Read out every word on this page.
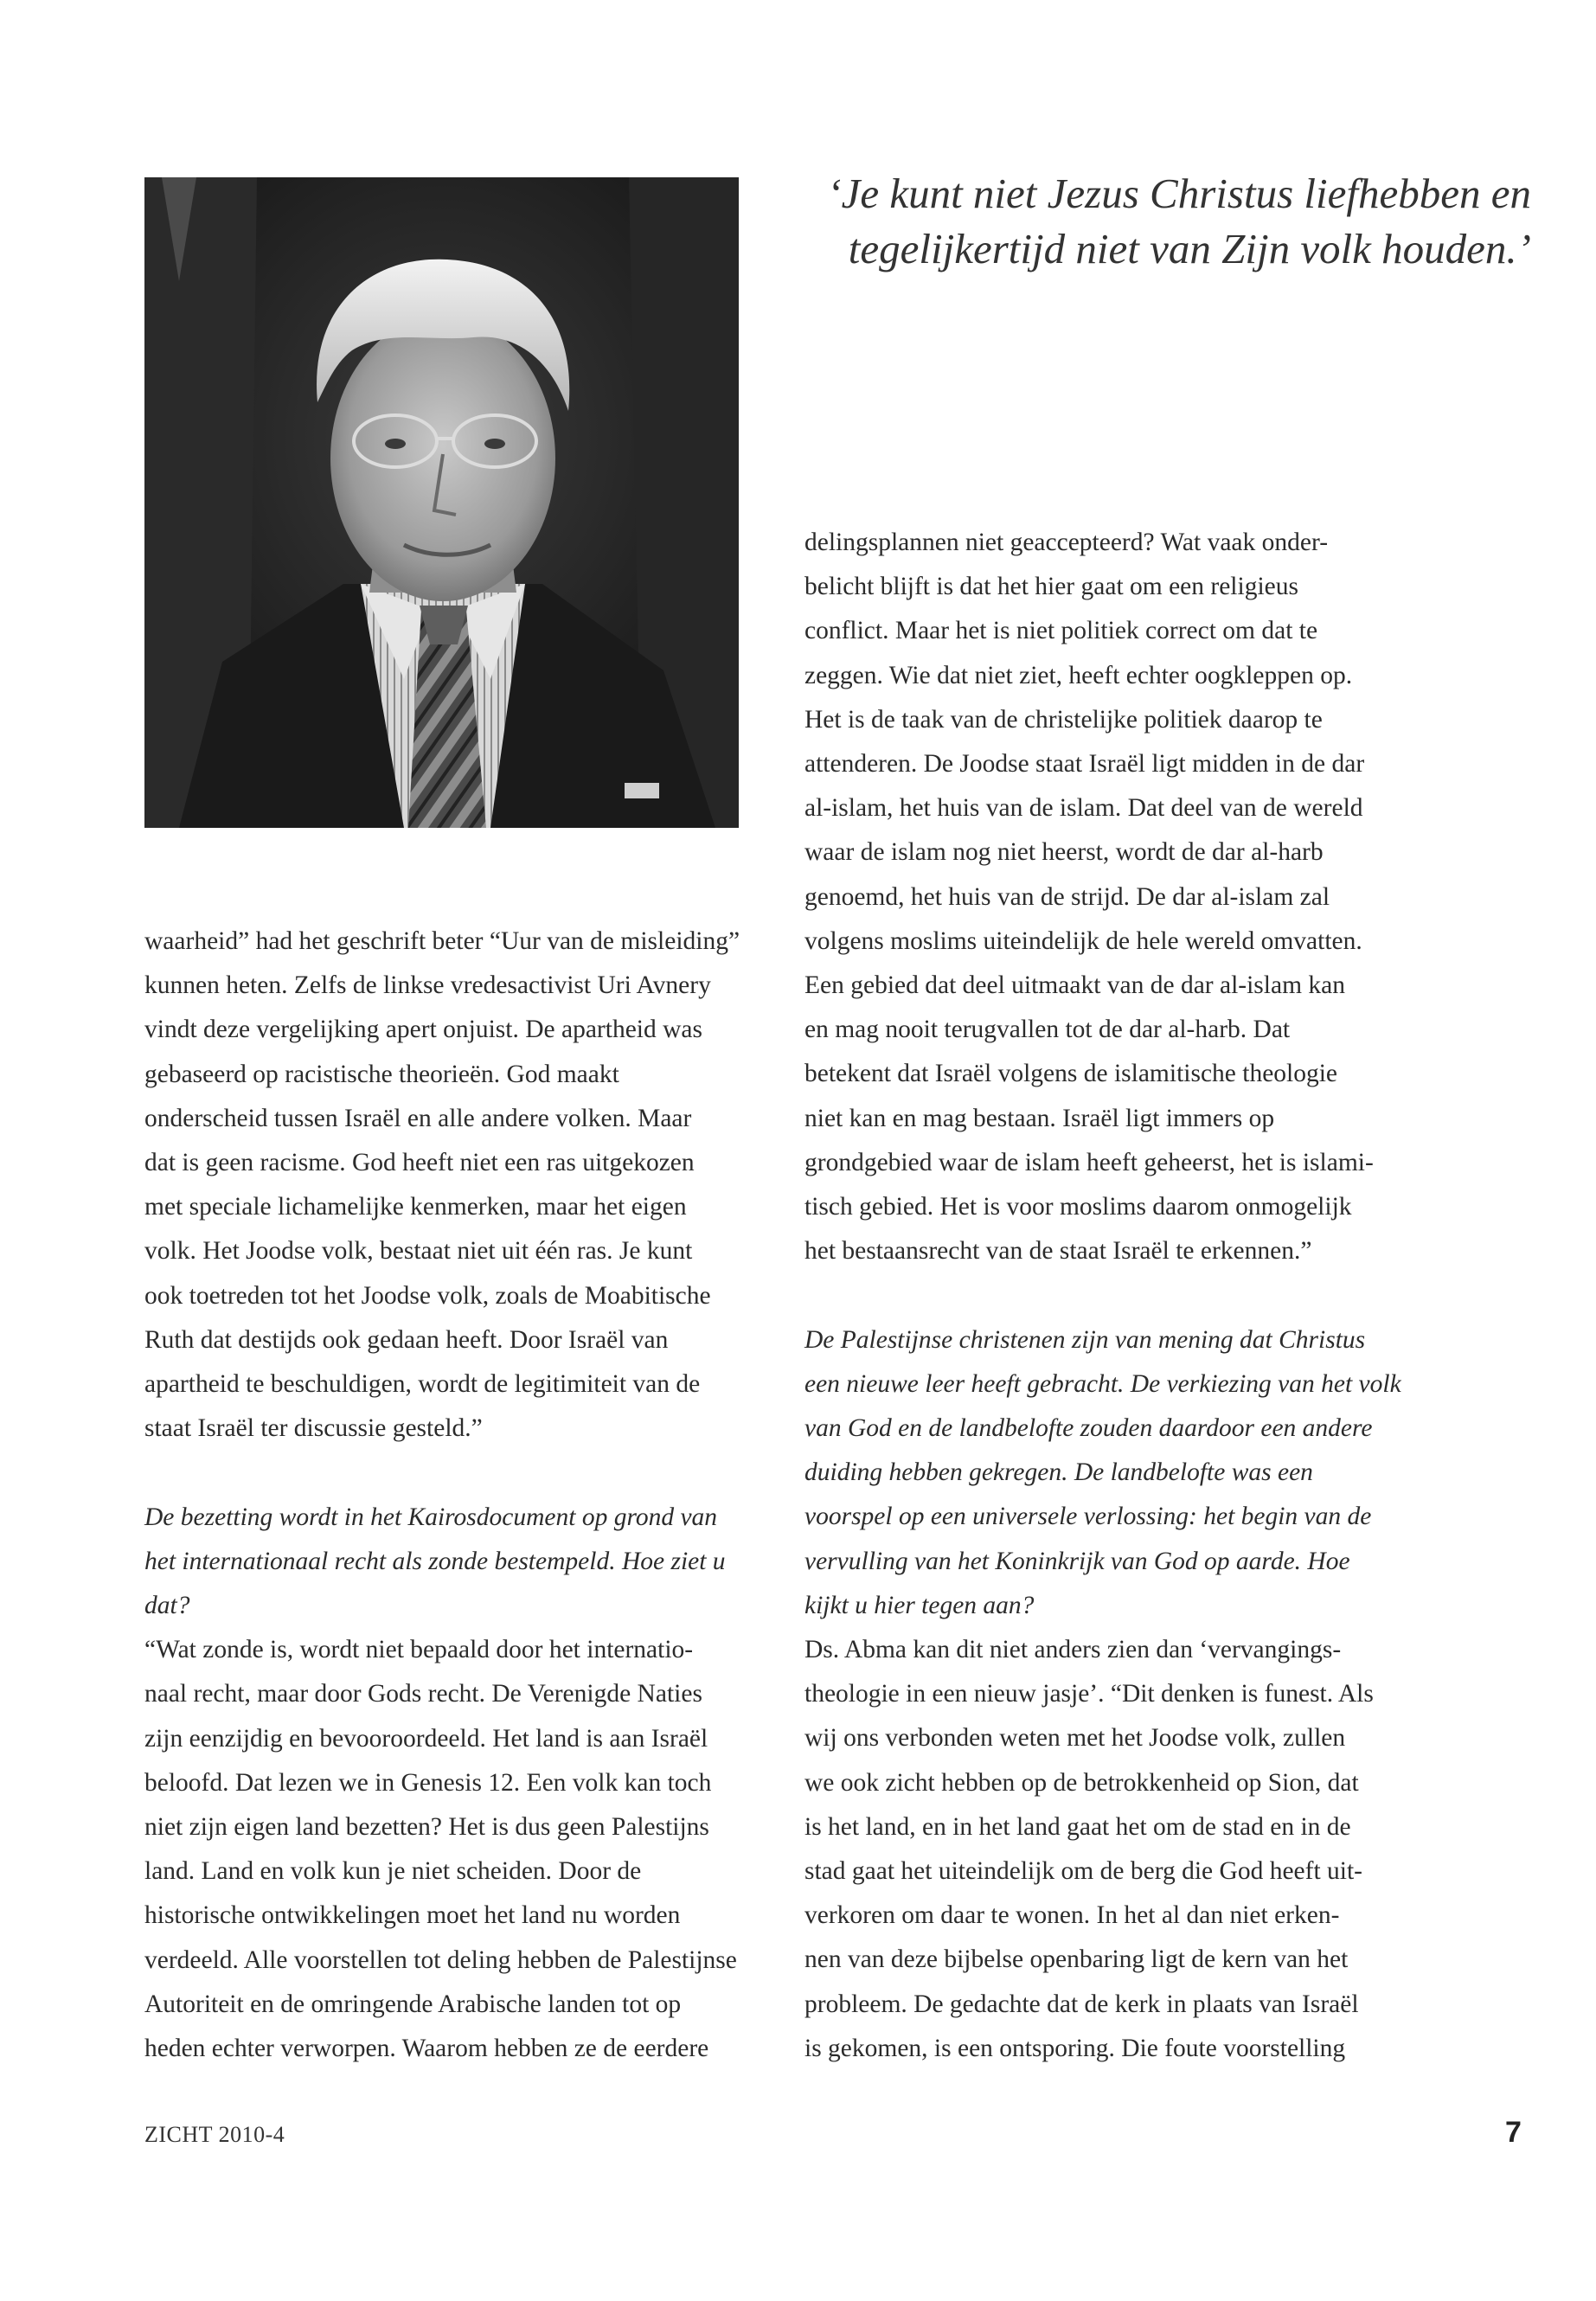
‘Je kunt niet Jezus Christus liefhebben en
tegelijkertijd niet van Zijn volk houden.’

waarheid” had het geschrift beter “Uur van de misleiding”

kunnen heten. Zelfs de linkse vredesactivist Uri Avnery

vindt deze vergelijking apert onjuist. De apartheid was

gebaseerd op racistische theorieën. God maakt

onderscheid tussen Israël en alle andere volken. Maar

dat is geen racisme. God heeft niet een ras uitgekozen

met speciale lichamelijke kenmerken, maar het eigen

volk. Het Joodse volk, bestaat niet uit één ras. Je kunt

ook toetreden tot het Joodse volk, zoals de Moabitische

Ruth dat destijds ook gedaan heeft. Door Israël van

apartheid te beschuldigen, wordt de legitimiteit van de

staat Israël ter discussie gesteld.”

De bezetting wordt in het Kairosdocument op grond van

het internationaal recht als zonde bestempeld. Hoe ziet u

dat?

“Wat zonde is, wordt niet bepaald door het internatio-

naal recht, maar door Gods recht. De Verenigde Naties

zijn eenzijdig en bevooroordeeld. Het land is aan Israël

beloofd. Dat lezen we in Genesis 12. Een volk kan toch

niet zijn eigen land bezetten? Het is dus geen Palestijns

land. Land en volk kun je niet scheiden. Door de

historische ontwikkelingen moet het land nu worden

verdeeld. Alle voorstellen tot deling hebben de Palestijnse

Autoriteit en de omringende Arabische landen tot op

heden echter verworpen. Waarom hebben ze de eerdere

delingsplannen niet geaccepteerd? Wat vaak onder-

belicht blijft is dat het hier gaat om een religieus

conflict. Maar het is niet politiek correct om dat te

zeggen. Wie dat niet ziet, heeft echter oogkleppen op.

Het is de taak van de christelijke politiek daarop te

attenderen. De Joodse staat Israël ligt midden in de dar

al-islam, het huis van de islam. Dat deel van de wereld

waar de islam nog niet heerst, wordt de dar al-harb

genoemd, het huis van de strijd. De dar al-islam zal

volgens moslims uiteindelijk de hele wereld omvatten.

Een gebied dat deel uitmaakt van de dar al-islam kan

en mag nooit terugvallen tot de dar al-harb. Dat

betekent dat Israël volgens de islamitische theologie

niet kan en mag bestaan. Israël ligt immers op

grondgebied waar de islam heeft geheerst, het is islami-

tisch gebied. Het is voor moslims daarom onmogelijk

het bestaansrecht van de staat Israël te erkennen.”

De Palestijnse christenen zijn van mening dat Christus

een nieuwe leer heeft gebracht. De verkiezing van het volk

van God en de landbelofte zouden daardoor een andere

duiding hebben gekregen. De landbelofte was een

voorspel op een universele verlossing: het begin van de

vervulling van het Koninkrijk van God op aarde. Hoe

kijkt u hier tegen aan?

Ds. Abma kan dit niet anders zien dan ‘vervangings-

theologie in een nieuw jasje’. “Dit denken is funest. Als

wij ons verbonden weten met het Joodse volk, zullen

we ook zicht hebben op de betrokkenheid op Sion, dat

is het land, en in het land gaat het om de stad en in de

stad gaat het uiteindelijk om de berg die God heeft uit-

verkoren om daar te wonen. In het al dan niet erken-

nen van deze bijbelse openbaring ligt de kern van het

probleem. De gedachte dat de kerk in plaats van Israël

is gekomen, is een ontsporing. Die foute voorstelling

ZICHT 2010-4	7
